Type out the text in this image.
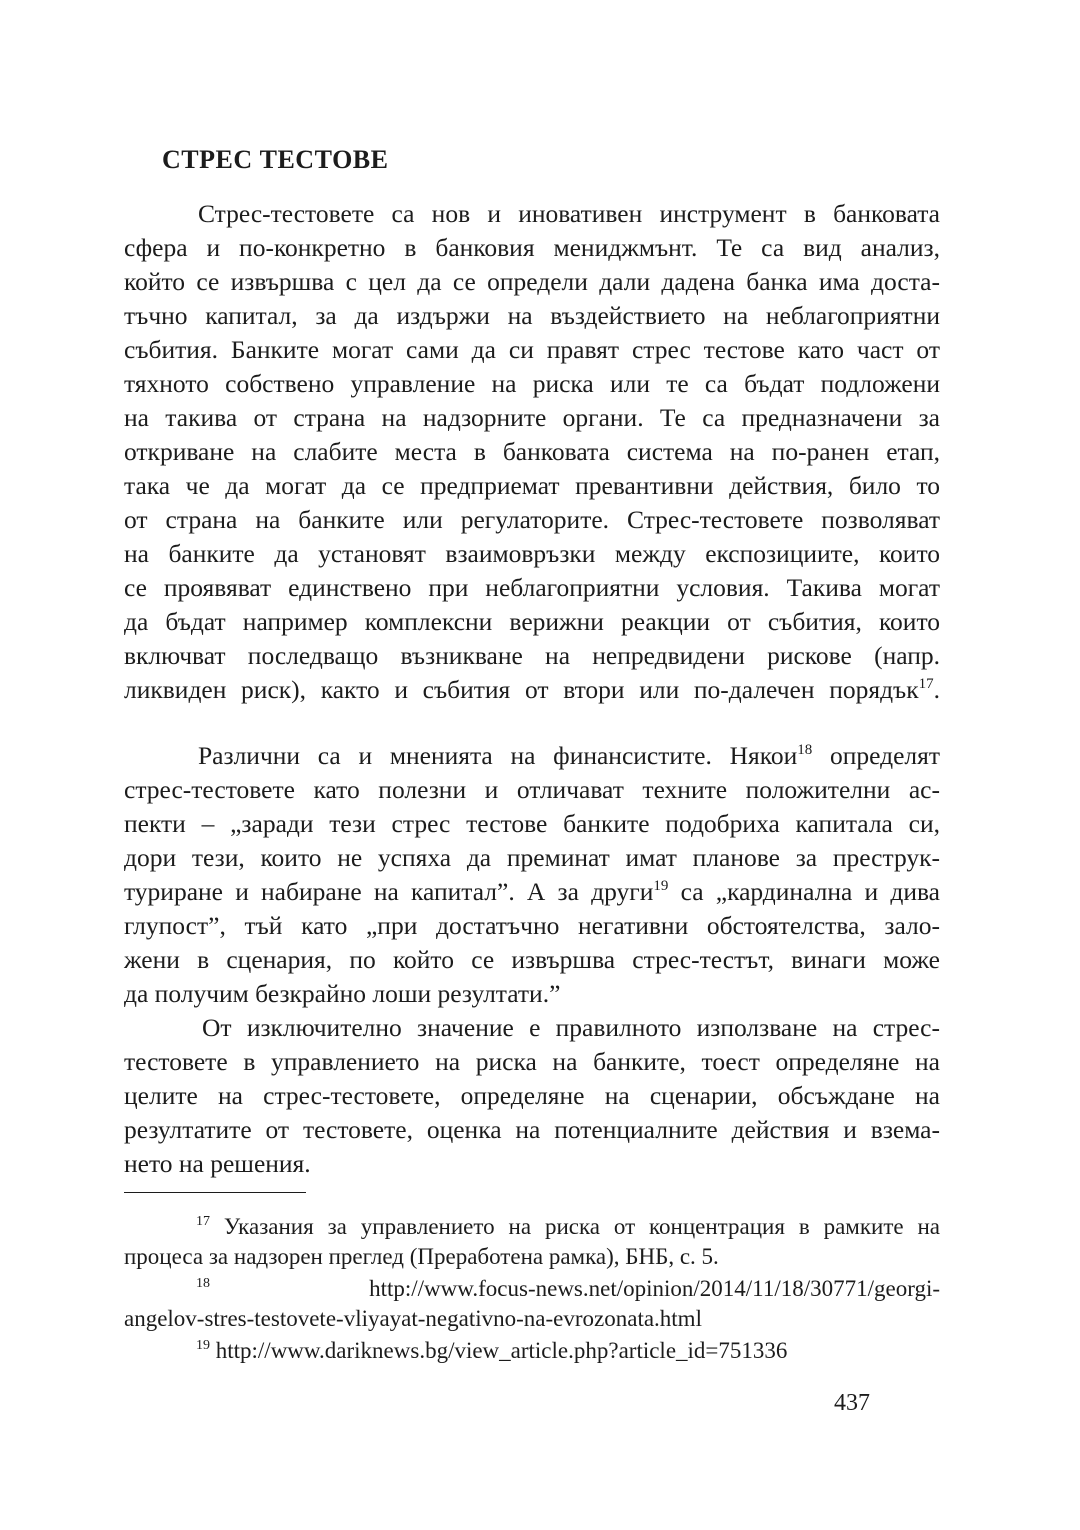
СТРЕС ТЕСТОВЕ
Стрес-тестовете са нов и иновативен инструмент в банковата
сфера и по-конкретно в банковия мениджмънт. Те са вид анализ,
който се извършва с цел да се определи дали дадена банка има доста-
тъчно капитал, за да издържи на въздействието на неблагоприятни
събития. Банките могат сами да си правят стрес тестове като част от
тяхното собствено управление на риска или те са бъдат подложени
на такива от страна на надзорните органи. Те са предназначени за
откриване на слабите места в банковата система на по-ранен етап,
така че да могат да се предприемат превантивни действия, било то
от страна на банките или регулаторите. Стрес-тестовете позволяват
на банките да установят взаимовръзки между експозициите, които
се проявяват единствено при неблагоприятни условия. Такива могат
да бъдат например комплексни верижни реакции от събития, които
включват последващо възникване на непредвидени рискове (напр.
ликвиден риск), както и събития от втори или по-далечен порядък$^{17}$.
Различни са и мненията на финансистите. Някои$^{18}$ определят
стрес-тестовете като полезни и отличават техните положителни ас-
пекти – „заради тези стрес тестове банките подобриха капитала си,
дори тези, които не успяха да преминат имат планове за преструк-
туриране и набиране на капитал”. А за други$^{19}$ са „кардинална и дива
глупост”, тъй като „при достатъчно негативни обстоятелства, зало-
жени в сценария, по който се извършва стрес-тестът, винаги може
да получим безкрайно лоши резултати.”
От изключително значение е правилното използване на стрес-
тестовете в управлението на риска на банките, тоест определяне на
целите на стрес-тестовете, определяне на сценарии, обсъждане на
резултатите от тестовете, оценка на потенциалните действия и взема-
нето на решения.
$^{17}$ Указания за управлението на риска от концентрация в рамките на
процеса за надзорен преглед (Преработена рамка), БНБ, с. 5.
$^{18}$	http://www.focus-news.net/opinion/2014/11/18/30771/georgi-
angelov-stres-testovete-vliyayat-negativno-na-evrozonata.html
$^{19}$ http://www.dariknews.bg/view_article.php?article_id=751336
437
